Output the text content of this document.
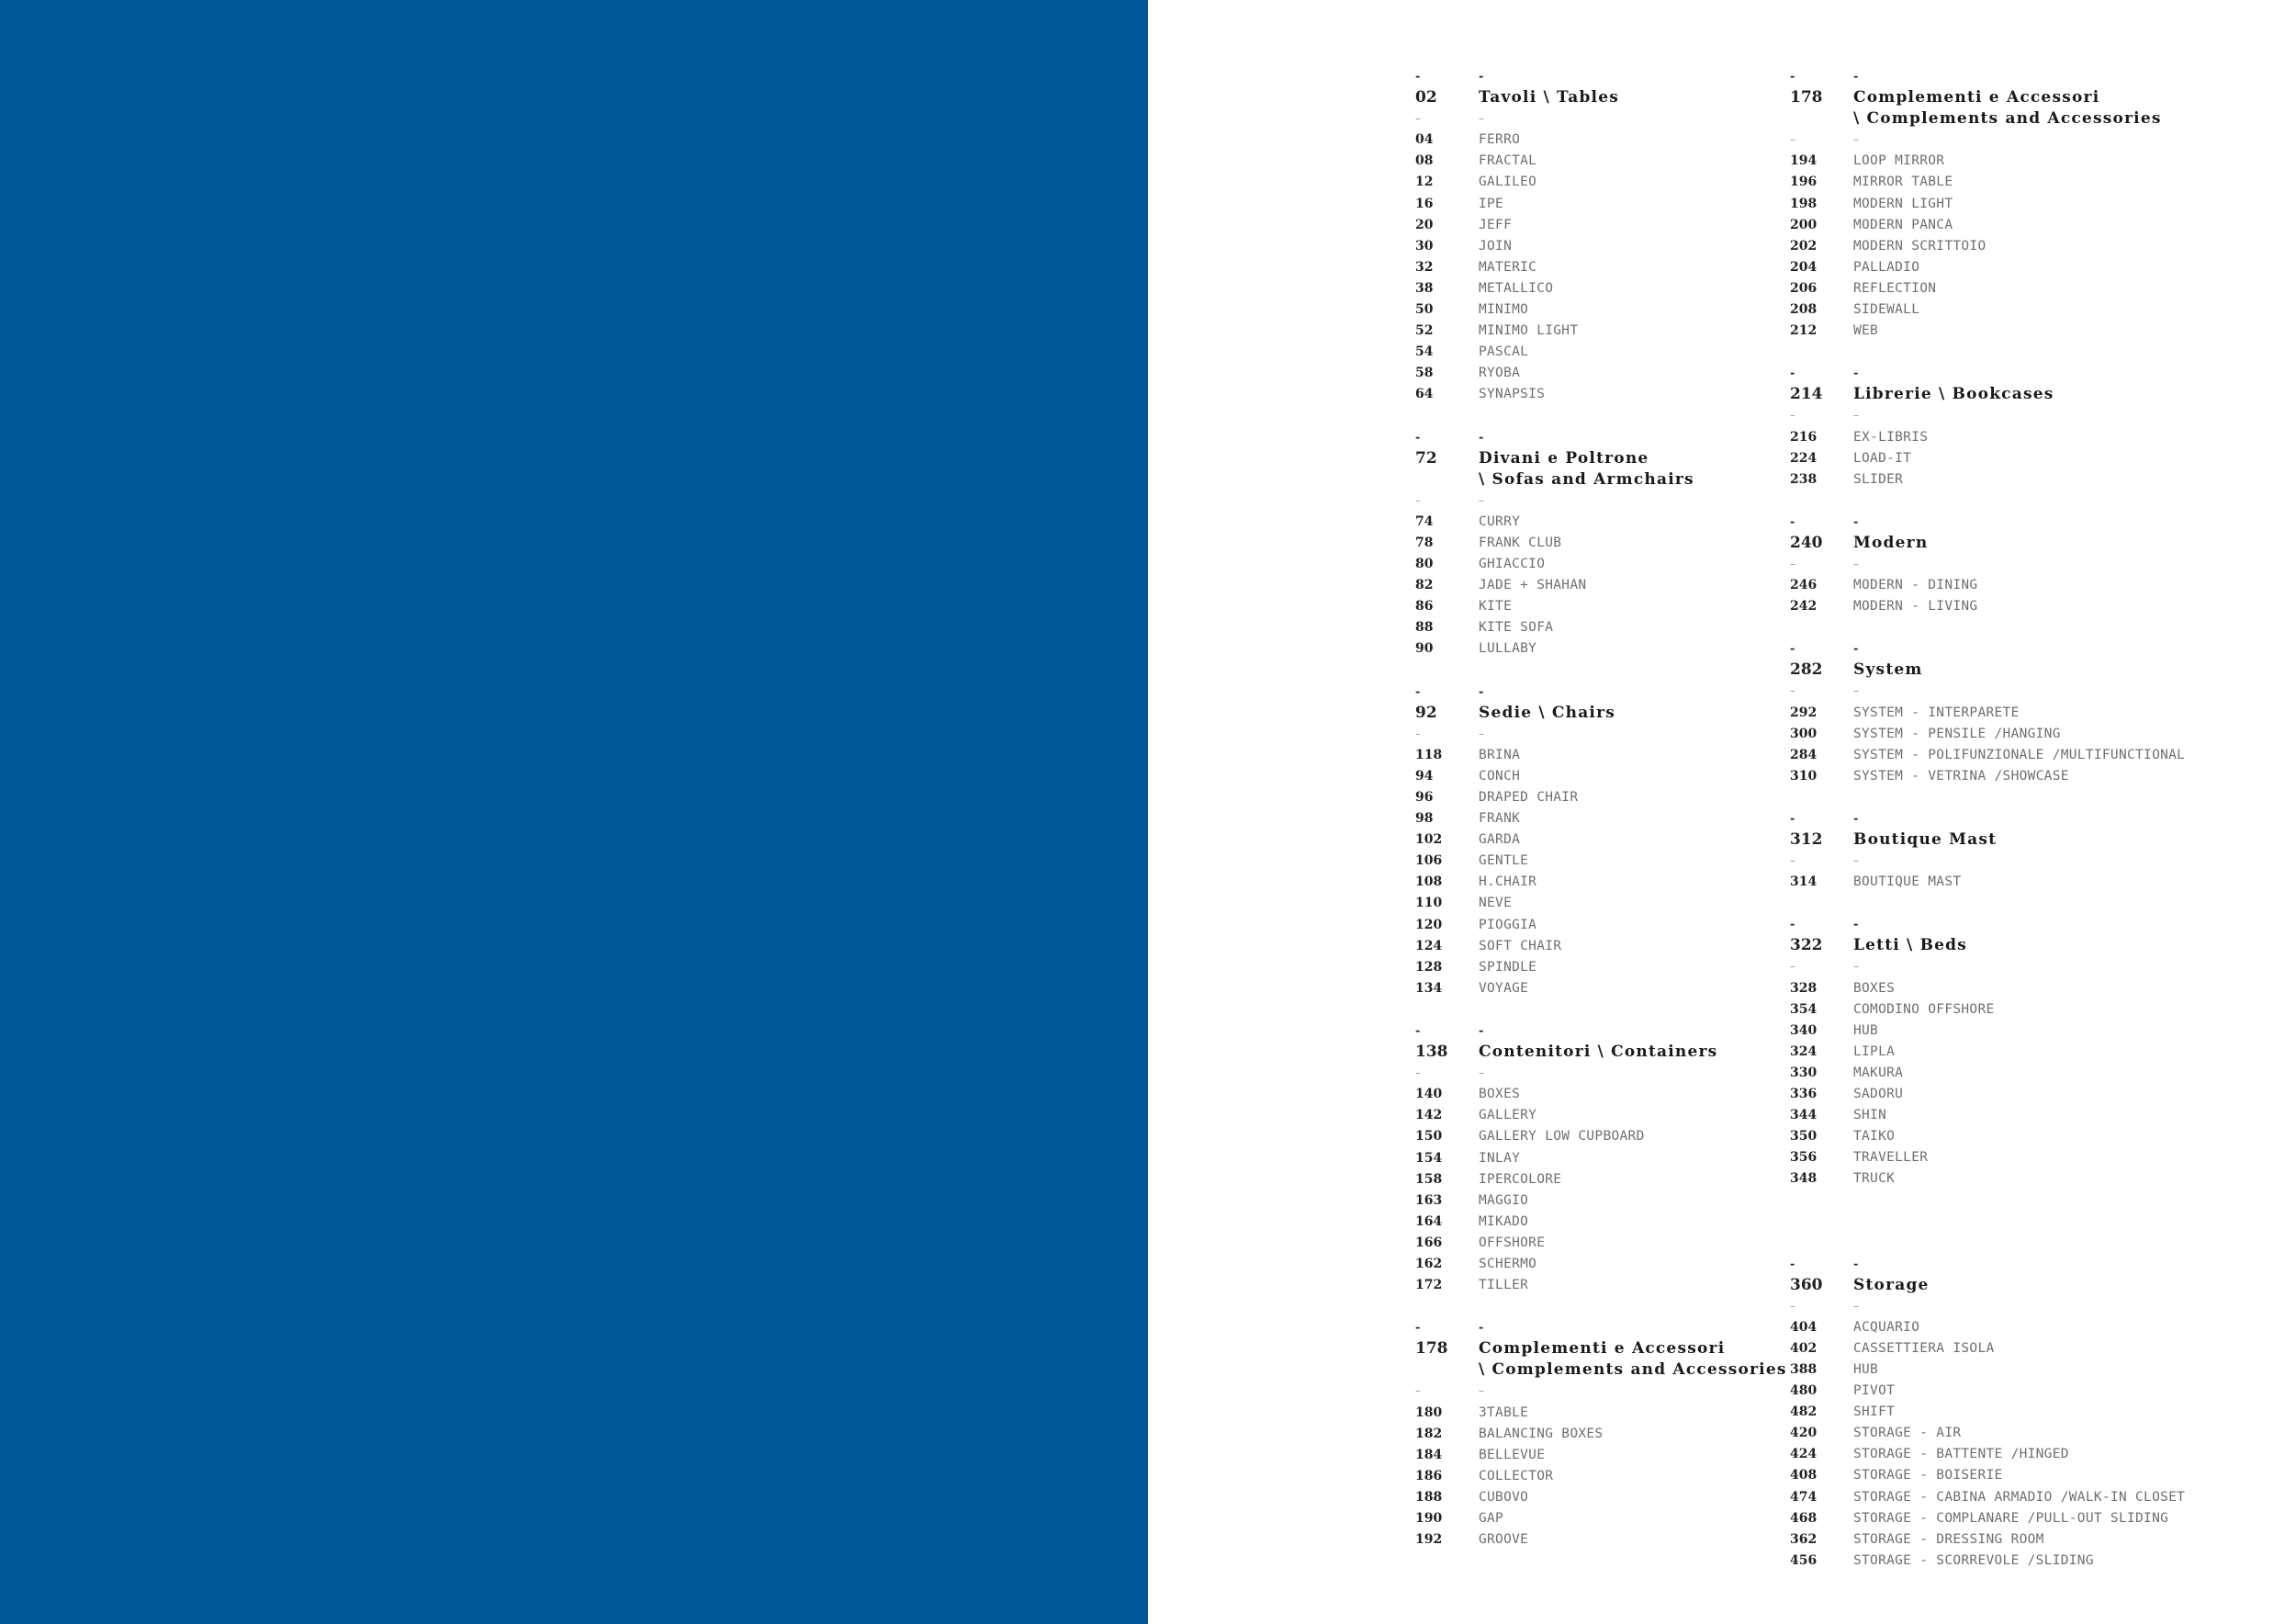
-	-
02	Tavoli \ Tables
–	–
04	FERRO
08	FRACTAL
12	GALILEO
16	IPE
20	JEFF
30	JOIN
32	MATERIC
38	METALLICO
50	MINIMO
52	MINIMO LIGHT
54	PASCAL
58	RYOBA
64	SYNAPSIS
-	-
72	Divani e Poltrone
\ Sofas and Armchairs
–	–
74	CURRY
78	FRANK CLUB
80	GHIACCIO
82	JADE + SHAHAN
86	KITE
88	KITE SOFA
90	LULLABY
-	-
92	Sedie \ Chairs
–	–
118	BRINA
94	CONCH
96	DRAPED CHAIR
98	FRANK
102	GARDA
106	GENTLE
108	H.CHAIR
110	NEVE
120	PIOGGIA
124	SOFT CHAIR
128	SPINDLE
134	VOYAGE
-	-
138 Contenitori \ Containers
–	–
140	BOXES
142	GALLERY
150	GALLERY LOW CUPBOARD
154	INLAY
158	IPERCOLORE
163	MAGGIO
164	MIKADO
166	OFFSHORE
162	SCHERMO
172	TILLER
-	-
178 Complementi e Accessori
\ Complements and Accessories
–	–
180	3TABLE
182	BALANCING BOXES
184	BELLEVUE
186	COLLECTOR
188	CUBOVO
190	GAP
192	GROOVE
-	-
178 Complementi e Accessori
\ Complements and Accessories
–	–
194	LOOP MIRROR
196	MIRROR TABLE
198	MODERN LIGHT
200	MODERN PANCA
202	MODERN SCRITTOIO
204	PALLADIO
206	REFLECTION
208	SIDEWALL
212	WEB
-	-
214 Librerie \ Bookcases
–	–
216	EX-LIBRIS
224	LOAD-IT
238	SLIDER
-	-
240 Modern
–	–
246	MODERN - DINING
242	MODERN - LIVING
-	-
282 System
–	–
292	SYSTEM - INTERPARETE
300	SYSTEM - PENSILE /HANGING
284	SYSTEM - POLIFUNZIONALE /MULTIFUNCTIONAL
310	SYSTEM - VETRINA /SHOWCASE
-	-
312 Boutique Mast
–	–
314	BOUTIQUE MAST
-	-
322 Letti \ Beds
–	–
328	BOXES
354	COMODINO OFFSHORE
340	HUB
324	LIPLA
330	MAKURA
336	SADORU
344	SHIN
350	TAIKO
356	TRAVELLER
348	TRUCK
-	-
360 Storage
–	–
404	ACQUARIO
402	CASSETTIERA ISOLA
388	HUB
480	PIVOT
482	SHIFT
420	STORAGE - AIR
424	STORAGE - BATTENTE /HINGED
408	STORAGE - BOISERIE
474	STORAGE - CABINA ARMADIO /WALK-IN CLOSET
468	STORAGE - COMPLANARE /PULL-OUT SLIDING
362	STORAGE - DRESSING ROOM
456	STORAGE - SCORREVOLE /SLIDING
